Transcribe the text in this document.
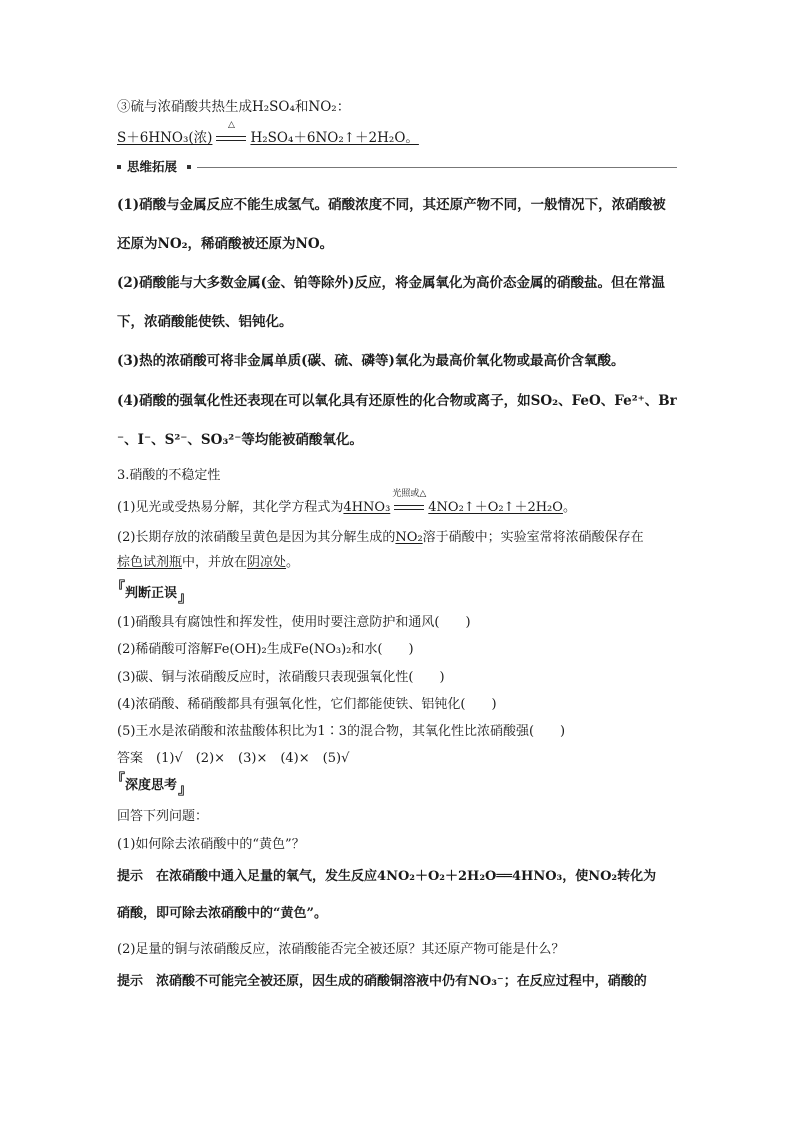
③硫与浓硝酸共热生成H₂SO₄和NO₂：
S＋6HNO₃(浓)
△
H₂SO₄＋6NO₂↑＋2H₂O。
思维拓展
(1)硝酸与金属反应不能生成氢气。硝酸浓度不同，其还原产物不同，一般情况下，浓硝酸被
还原为NO₂，稀硝酸被还原为NO。
(2)硝酸能与大多数金属(金、铂等除外)反应，将金属氧化为高价态金属的硝酸盐。但在常温
下，浓硝酸能使铁、铝钝化。
(3)热的浓硝酸可将非金属单质(碳、硫、磷等)氧化为最高价氧化物或最高价含氧酸。
(4)硝酸的强氧化性还表现在可以氧化具有还原性的化合物或离子，如SO₂、FeO、Fe²⁺、Br
⁻、I⁻、S²⁻、SO₃²⁻等均能被硝酸氧化。
3.硝酸的不稳定性
(1)见光或受热易分解，其化学方程式为4HNO₃
光照或△
4NO₂↑＋O₂↑＋2H₂O。
(2)长期存放的浓硝酸呈黄色是因为其分解生成的NO₂溶于硝酸中；实验室常将浓硝酸保存在
棕色试剂瓶中，并放在阴凉处。
『 判断正误 』
(1)硝酸具有腐蚀性和挥发性，使用时要注意防护和通风(　　)
(2)稀硝酸可溶解Fe(OH)₂生成Fe(NO₃)₂和水(　　)
(3)碳、铜与浓硝酸反应时，浓硝酸只表现强氧化性(　　)
(4)浓硝酸、稀硝酸都具有强氧化性，它们都能使铁、铝钝化(　　)
(5)王水是浓硝酸和浓盐酸体积比为1∶3的混合物，其氧化性比浓硝酸强(　　)
答案　 (1)√　(2)×　(3)×　(4)×　(5)√
『 深度思考 』
回答下列问题：
(1)如何除去浓硝酸中的“黄色”？
提示　 在浓硝酸中通入足量的氧气，发生反应4NO₂＋O₂＋2H₂O══4HNO₃，使NO₂转化为
硝酸，即可除去浓硝酸中的“黄色”。
(2)足量的铜与浓硝酸反应，浓硝酸能否完全被还原？其还原产物可能是什么？
提示　 浓硝酸不可能完全被还原，因生成的硝酸铜溶液中仍有NO₃⁻；在反应过程中，硝酸的
